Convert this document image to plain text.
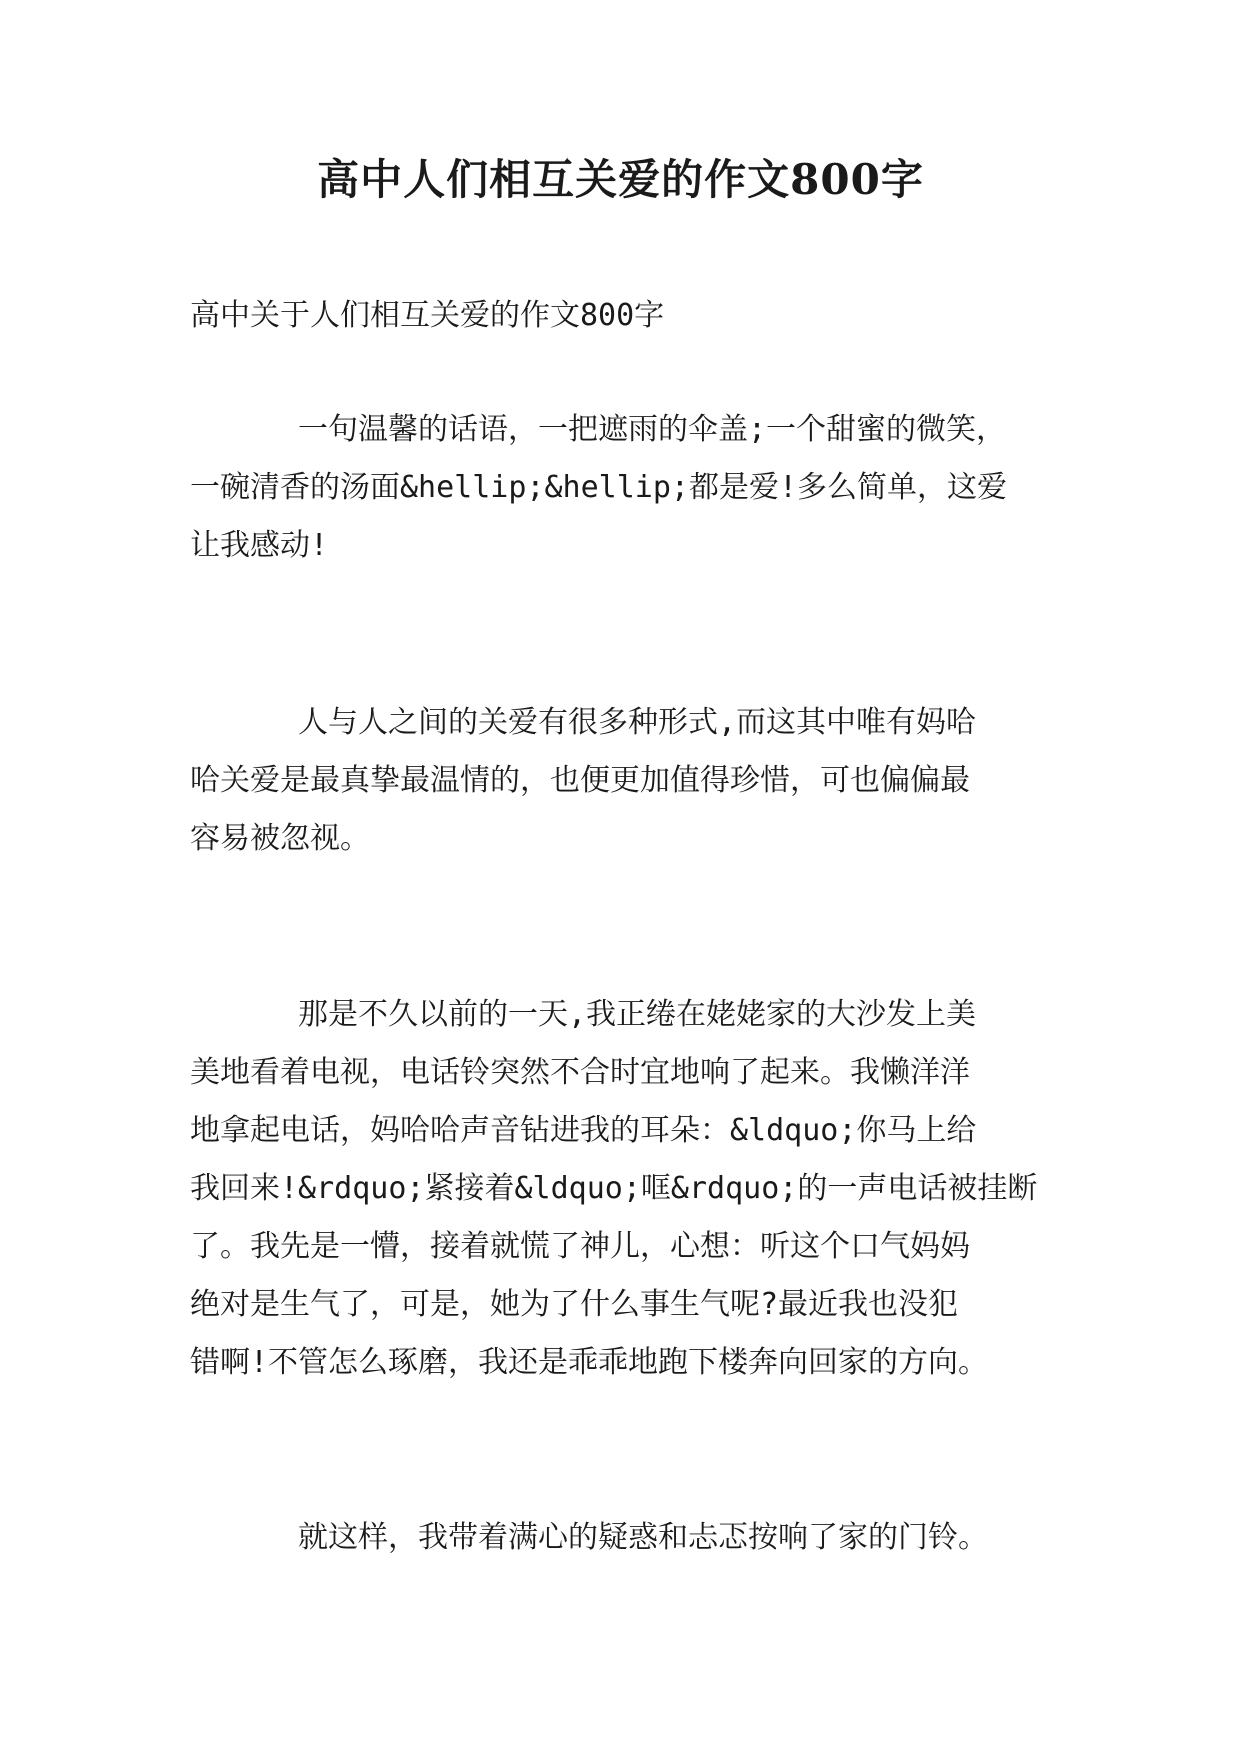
高中人们相互关爱的作文800字

高中关于人们相互关爱的作文800字

一句温馨的话语，一把遮雨的伞盖;一个甜蜜的微笑，
一碗清香的汤面&hellip;&hellip;都是爱!多么简单，这爱
让我感动!
人与人之间的关爱有很多种形式,而这其中唯有妈哈
哈关爱是最真挚最温情的，也便更加值得珍惜，可也偏偏最
容易被忽视。
那是不久以前的一天,我正绻在姥姥家的大沙发上美
美地看着电视，电话铃突然不合时宜地响了起来。我懒洋洋
地拿起电话，妈哈哈声音钻进我的耳朵：&ldquo;你马上给
我回来!&rdquo;紧接着&ldquo;哐&rdquo;的一声电话被挂断
了。我先是一懵，接着就慌了神儿，心想：听这个口气妈妈
绝对是生气了，可是，她为了什么事生气呢?最近我也没犯
错啊!不管怎么琢磨，我还是乖乖地跑下楼奔向回家的方向。
就这样，我带着满心的疑惑和忐忑按响了家的门铃。
